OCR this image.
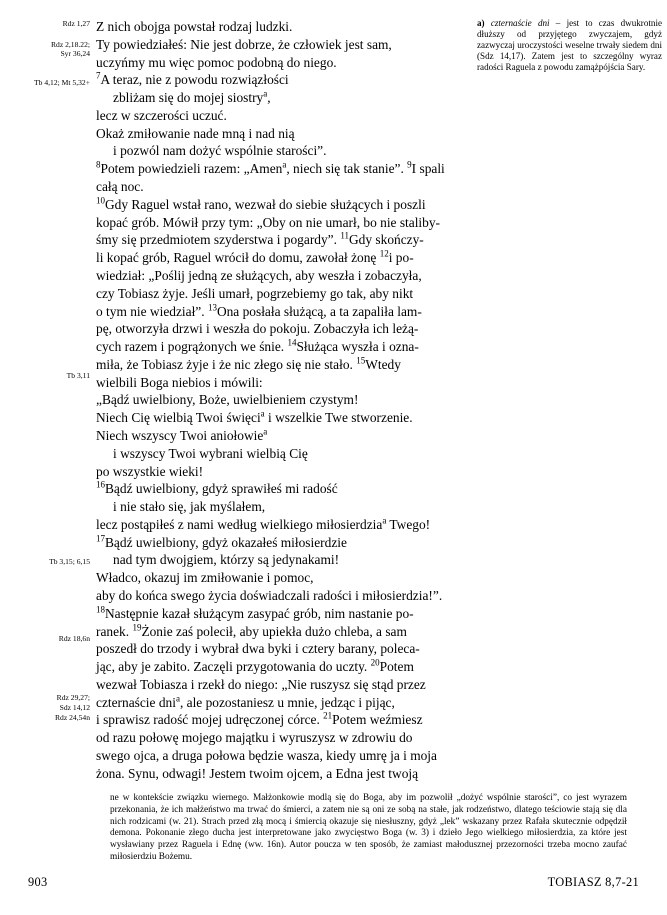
Rdz 1,27
Rdz 2,18.22;
Syr 36,24
Tb 4,12; Mt 5,32+
Tb 3,11
Tb 3,15; 6,15
Rdz 18,6n
Rdz 29,27;
Sdz 14,12
Rdz 24,54n

Z nich obojga powstał rodzaj ludzki.

Ty powiedziałeś: Nie jest dobrze, że człowiek jest sam,

uczyńmy mu więc pomoc podobną do niego.

$^7$A teraz, nie z powodu rozwiązłości

zbliżam się do mojej siostry$^a$,

lecz w szczerości uczuć.

Okaż zmiłowanie nade mną i nad nią

i pozwól nam dożyć wspólnie starości”.

$^8$Potem powiedzieli razem: „Amen$^a$, niech się tak stanie”. $^9$I spali

całą noc.

$^{10}$Gdy Raguel wstał rano, wezwał do siebie służących i poszli

kopać grób. Mówił przy tym: „Oby on nie umarł, bo nie staliby-

śmy się przedmiotem szyderstwa i pogardy”. $^{11}$Gdy skończy-

li kopać grób, Raguel wrócił do domu, zawołał żonę $^{12}$i po-

wiedział: „Poślij jedną ze służących, aby weszła i zobaczyła,

czy Tobiasz żyje. Jeśli umarł, pogrzebiemy go tak, aby nikt

o tym nie wiedział”. $^{13}$Ona posłała służącą, a ta zapaliła lam-

pę, otworzyła drzwi i weszła do pokoju. Zobaczyła ich leżą-

cych razem i pogrążonych we śnie. $^{14}$Służąca wyszła i ozna-

miła, że Tobiasz żyje i że nic złego się nie stało. $^{15}$Wtedy

wielbili Boga niebios i mówili:

„Bądź uwielbiony, Boże, uwielbieniem czystym!

Niech Cię wielbią Twoi święci$^a$ i wszelkie Twe stworzenie.

Niech wszyscy Twoi aniołowie$^a$

i wszyscy Twoi wybrani wielbią Cię

po wszystkie wieki!

$^{16}$Bądź uwielbiony, gdyż sprawiłeś mi radość

i nie stało się, jak myślałem,

lecz postąpiłeś z nami według wielkiego miłosierdzia$^a$ Twego!

$^{17}$Bądź uwielbiony, gdyż okazałeś miłosierdzie

nad tym dwojgiem, którzy są jedynakami!

Władco, okazuj im zmiłowanie i pomoc,

aby do końca swego życia doświadczali radości i miłosierdzia!”.

$^{18}$Następnie kazał służącym zasypać grób, nim nastanie po-

ranek. $^{19}$Żonie zaś polecił, aby upiekła dużo chleba, a sam

poszedł do trzody i wybrał dwa byki i cztery barany, poleca-

jąc, aby je zabito. Zaczęli przygotowania do uczty. $^{20}$Potem

wezwał Tobiasza i rzekł do niego: „Nie ruszysz się stąd przez

czternaście dni$^a$, ale pozostaniesz u mnie, jedząc i pijąc,

i sprawisz radość mojej udręczonej córce. $^{21}$Potem weźmiesz

od razu połowę mojego majątku i wyruszysz w zdrowiu do

swego ojca, a druga połowa będzie wasza, kiedy umrę ja i moja

żona. Synu, odwagi! Jestem twoim ojcem, a Edna jest twoją

a) czternaście dni – jest to czas dwukrotnie dłuższy od przyjętego zwyczajem, gdyż zazwyczaj uroczystości weselne trwały siedem dni (Sdz 14,17). Zatem jest to szczególny wyraz radości Raguela z powodu zamążpójścia Sary.
ne w kontekście związku wiernego. Małżonkowie modlą się do Boga, aby im pozwolił „dożyć wspólnie starości”, co jest wyrazem przekonania, że ich małżeństwo ma trwać do śmierci, a zatem nie są oni ze sobą na stałe, jak rodzeństwo, dlatego teściowie stają się dla nich rodzicami (w. 21). Strach przed złą mocą i śmiercią okazuje się niesłuszny, gdyż „lek” wskazany przez Rafała skutecznie odpędził demona. Pokonanie złego ducha jest interpretowane jako zwycięstwo Boga (w. 3) i dzieło Jego wielkiego miłosierdzia, za które jest wysławiany przez Raguela i Ednę (ww. 16n). Autor poucza w ten sposób, że zamiast małodusznej przezorności trzeba mocno zaufać miłosierdziu Bożemu.
903	TOBIASZ 8,7-21
